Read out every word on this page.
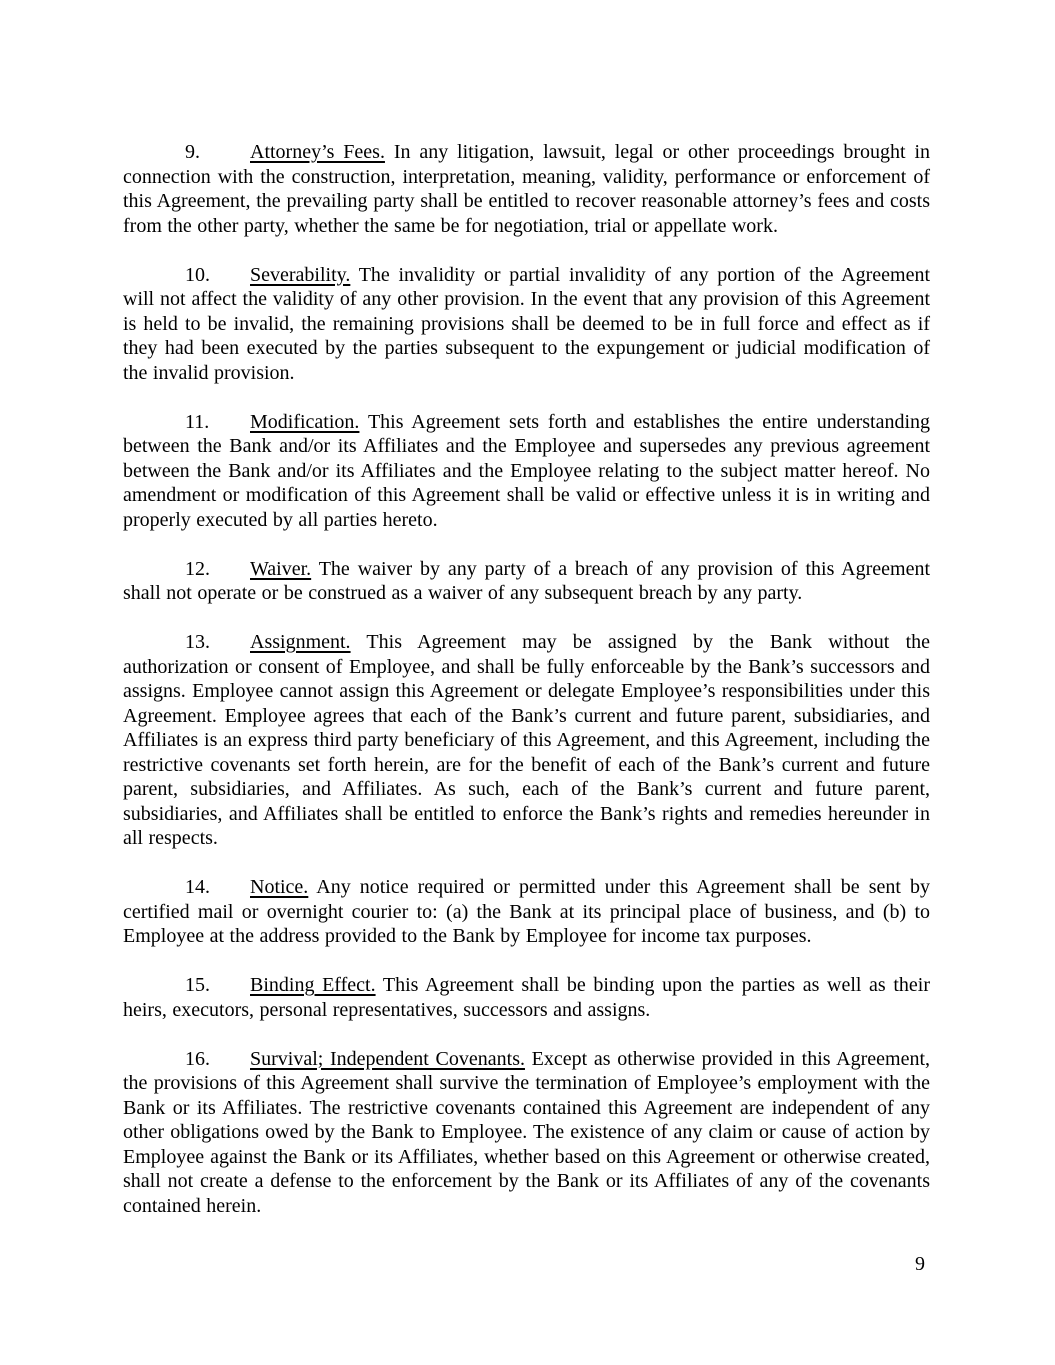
9.	Attorney’s Fees. In any litigation, lawsuit, legal or other proceedings brought in connection with the construction, interpretation, meaning, validity, performance or enforcement of this Agreement, the prevailing party shall be entitled to recover reasonable attorney’s fees and costs from the other party, whether the same be for negotiation, trial or appellate work.

10. Severability. The invalidity or partial invalidity of any portion of the Agreement will not affect the validity of any other provision. In the event that any provision of this Agreement is held to be invalid, the remaining provisions shall be deemed to be in full force and effect as if they had been executed by the parties subsequent to the expungement or judicial modification of the invalid provision.

11. Modification. This Agreement sets forth and establishes the entire understanding between the Bank and/or its Affiliates and the Employee and supersedes any previous agreement between the Bank and/or its Affiliates and the Employee relating to the subject matter hereof. No amendment or modification of this Agreement shall be valid or effective unless it is in writing and properly executed by all parties hereto.

12. Waiver. The waiver by any party of a breach of any provision of this Agreement shall not operate or be construed as a waiver of any subsequent breach by any party.

13. Assignment. This Agreement may be assigned by the Bank without the authorization or consent of Employee, and shall be fully enforceable by the Bank’s successors and assigns. Employee cannot assign this Agreement or delegate Employee’s responsibilities under this Agreement. Employee agrees that each of the Bank’s current and future parent, subsidiaries, and Affiliates is an express third party beneficiary of this Agreement, and this Agreement, including the restrictive covenants set forth herein, are for the benefit of each of the Bank’s current and future parent, subsidiaries, and Affiliates. As such, each of the Bank’s current and future parent, subsidiaries, and Affiliates shall be entitled to enforce the Bank’s rights and remedies hereunder in all respects.

14. Notice. Any notice required or permitted under this Agreement shall be sent by certified mail or overnight courier to: (a) the Bank at its principal place of business, and (b) to Employee at the address provided to the Bank by Employee for income tax purposes.

15. Binding Effect. This Agreement shall be binding upon the parties as well as their heirs, executors, personal representatives, successors and assigns.

16. Survival; Independent Covenants. Except as otherwise provided in this Agreement, the provisions of this Agreement shall survive the termination of Employee’s employment with the Bank or its Affiliates. The restrictive covenants contained this Agreement are independent of any other obligations owed by the Bank to Employee. The existence of any claim or cause of action by Employee against the Bank or its Affiliates, whether based on this Agreement or otherwise created, shall not create a defense to the enforcement by the Bank or its Affiliates of any of the covenants contained herein.

9
